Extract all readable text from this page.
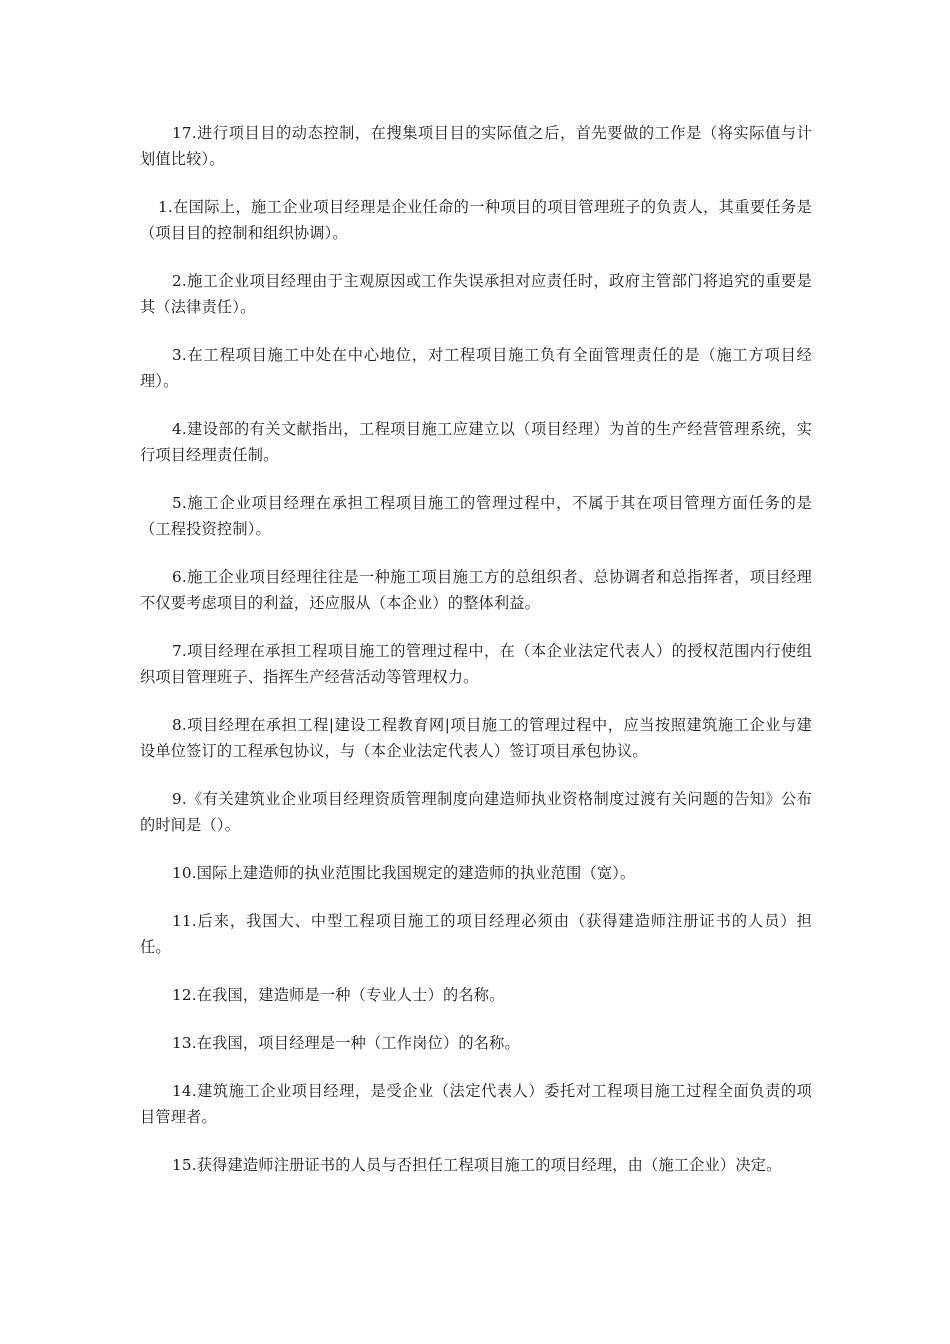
17.进行项目目的动态控制，在搜集项目目的实际值之后，首先要做的工作是（将实际值与计划值比较）。

1.在国际上，施工企业项目经理是企业任命的一种项目的项目管理班子的负责人，其重要任务是（项目目的控制和组织协调）。

2.施工企业项目经理由于主观原因或工作失误承担对应责任时，政府主管部门将追究的重要是其（法律责任）。

3.在工程项目施工中处在中心地位，对工程项目施工负有全面管理责任的是（施工方项目经理）。

4.建设部的有关文献指出，工程项目施工应建立以（项目经理）为首的生产经营管理系统，实行项目经理责任制。

5.施工企业项目经理在承担工程项目施工的管理过程中，不属于其在项目管理方面任务的是（工程投资控制）。

6.施工企业项目经理往往是一种施工项目施工方的总组织者、总协调者和总指挥者，项目经理不仅要考虑项目的利益，还应服从（本企业）的整体利益。

7.项目经理在承担工程项目施工的管理过程中，在（本企业法定代表人）的授权范围内行使组织项目管理班子、指挥生产经营活动等管理权力。

8.项目经理在承担工程|建设工程教育网|项目施工的管理过程中，应当按照建筑施工企业与建设单位签订的工程承包协议，与（本企业法定代表人）签订项目承包协议。

9.《有关建筑业企业项目经理资质管理制度向建造师执业资格制度过渡有关问题的告知》公布的时间是（）。

10.国际上建造师的执业范围比我国规定的建造师的执业范围（宽）。

11.后来，我国大、中型工程项目施工的项目经理必须由（获得建造师注册证书的人员）担任。

12.在我国，建造师是一种（专业人士）的名称。

13.在我国，项目经理是一种（工作岗位）的名称。

14.建筑施工企业项目经理，是受企业（法定代表人）委托对工程项目施工过程全面负责的项目管理者。

15.获得建造师注册证书的人员与否担任工程项目施工的项目经理，由（施工企业）决定。
